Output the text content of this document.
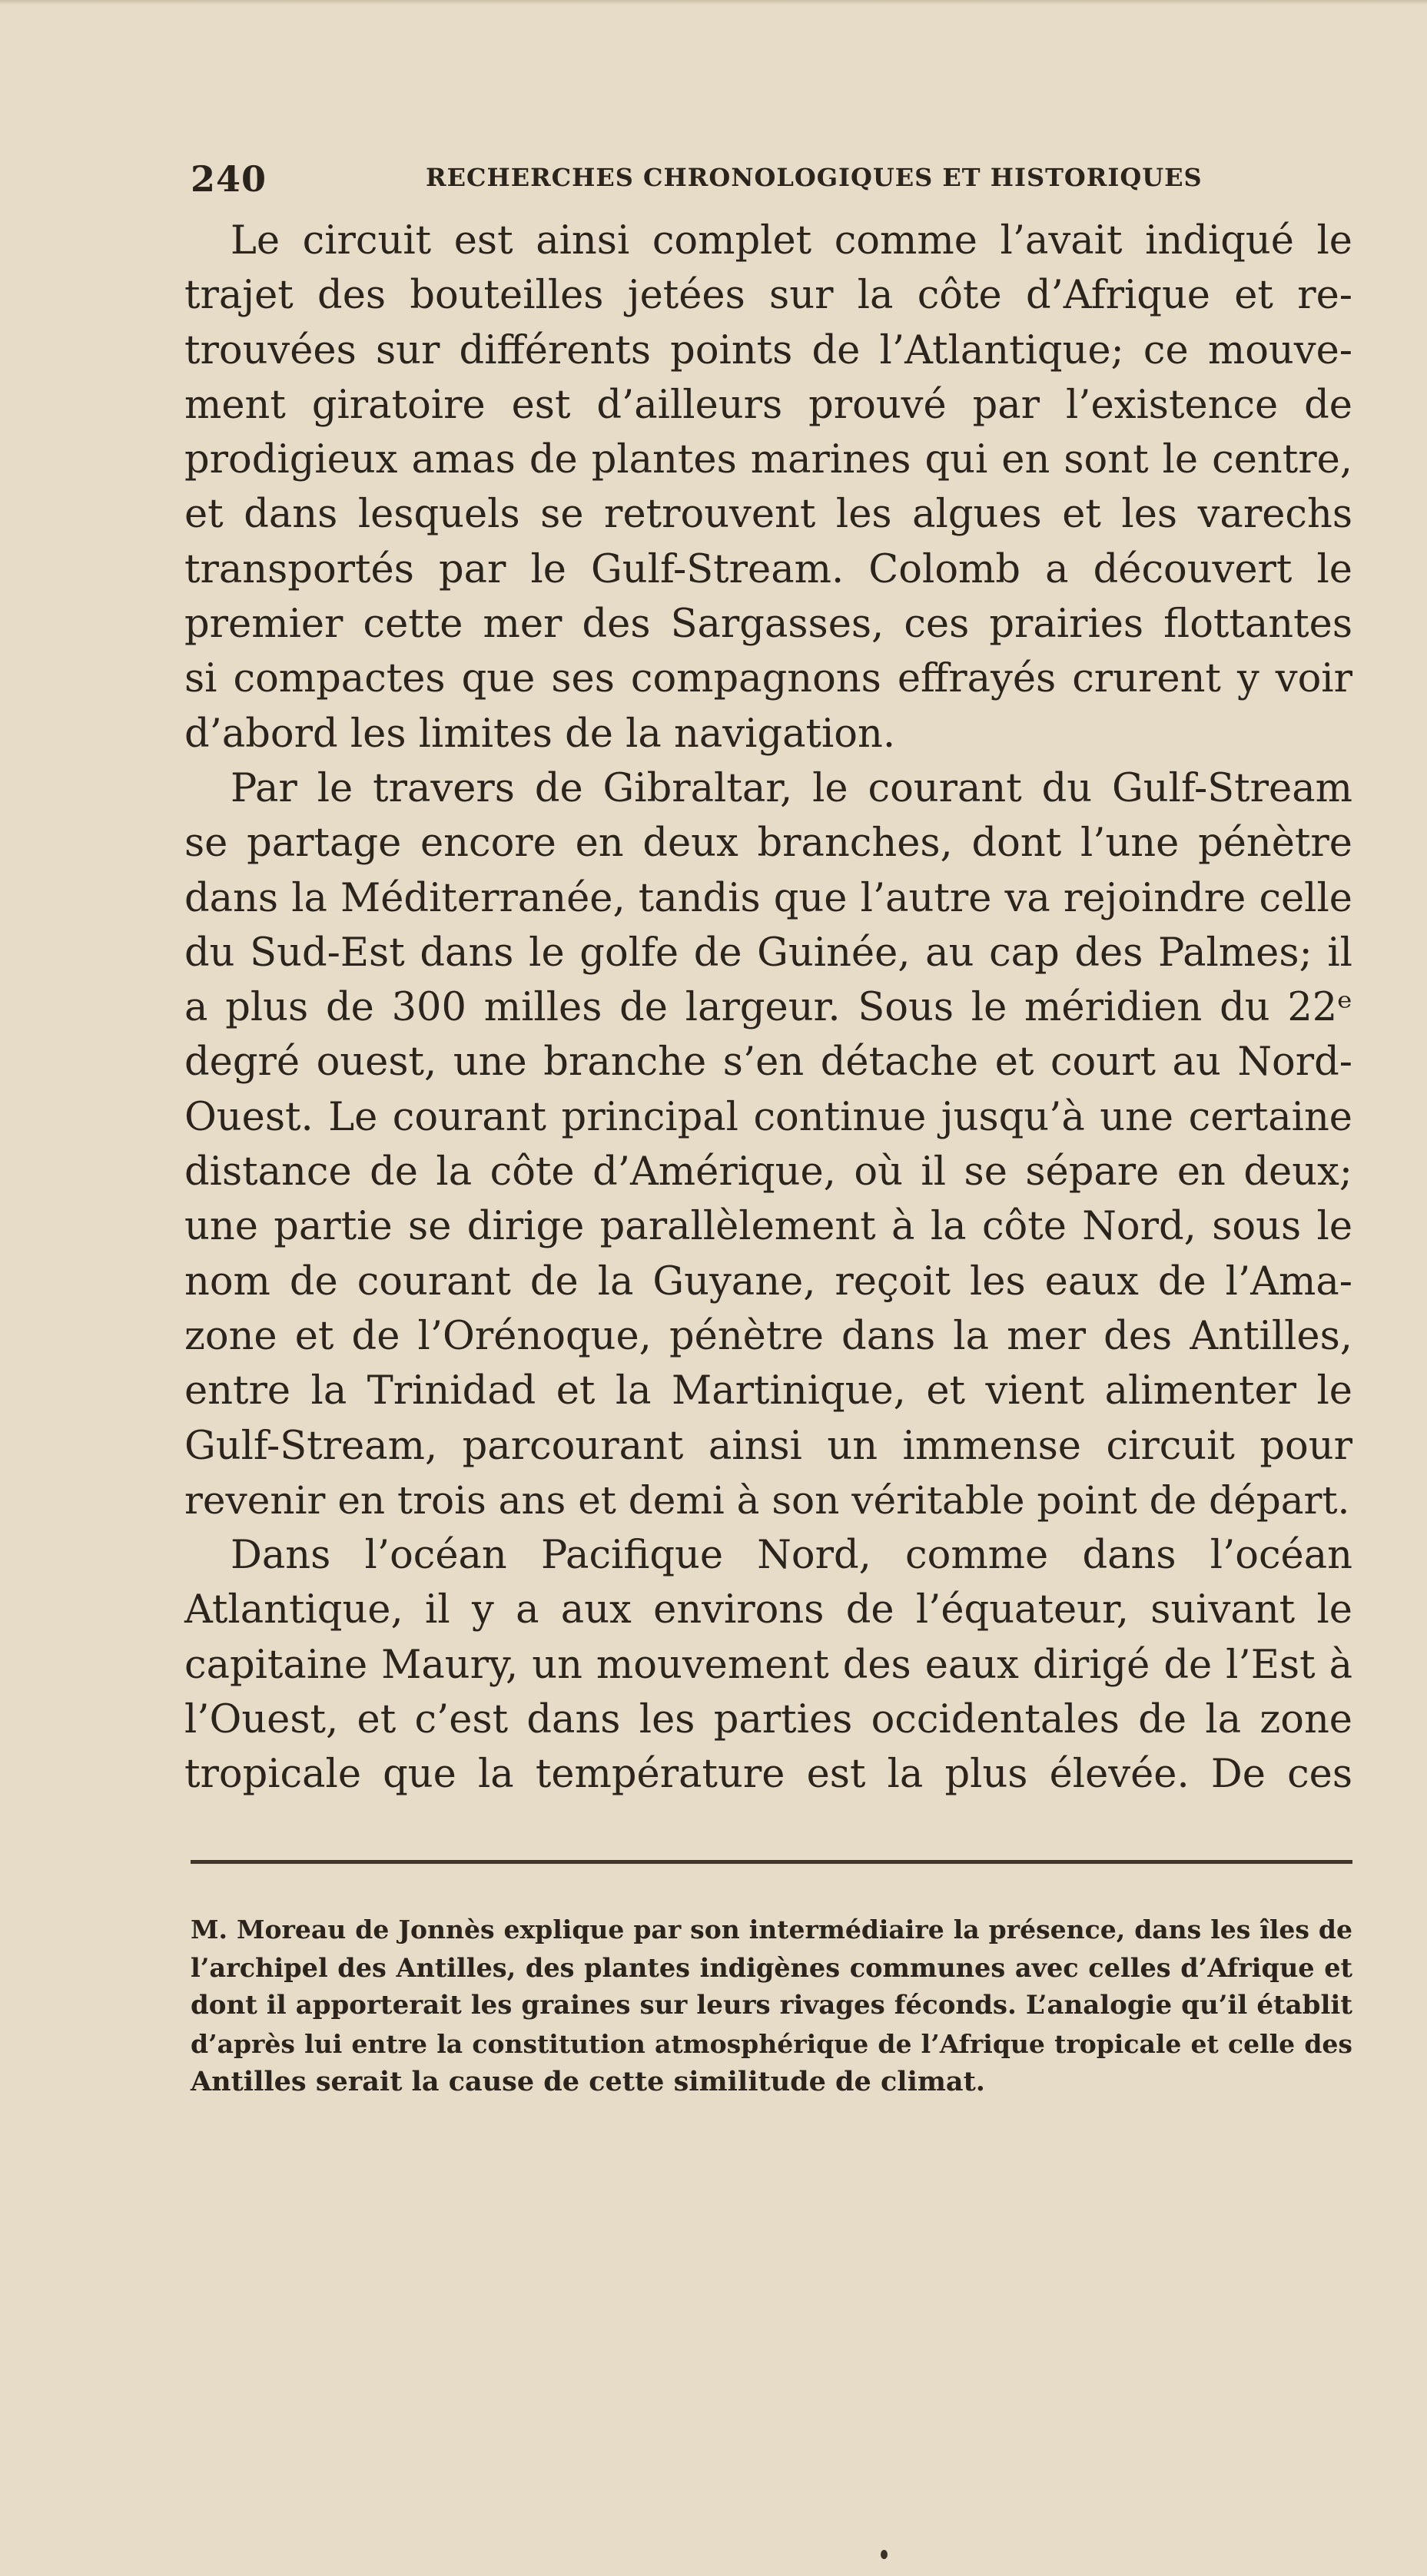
240	RECHERCHES CHRONOLOGIQUES ET HISTORIQUES
Le circuit est ainsi complet comme l’avait indiqué le
trajet des bouteilles jetées sur la côte d’Afrique et re-
trouvées sur différents points de l’Atlantique; ce mouve-
ment giratoire est d’ailleurs prouvé par l’existence de
prodigieux amas de plantes marines qui en sont le centre,
et dans lesquels se retrouvent les algues et les varechs
transportés par le Gulf-Stream. Colomb a découvert le
premier cette mer des Sargasses, ces prairies flottantes
si compactes que ses compagnons effrayés crurent y voir
d’abord les limites de la navigation.
Par le travers de Gibraltar, le courant du Gulf-Stream
se partage encore en deux branches, dont l’une pénètre
dans la Méditerranée, tandis que l’autre va rejoindre celle
du Sud-Est dans le golfe de Guinée, au cap des Palmes; il
a plus de 300 milles de largeur. Sous le méridien du 22ᵉ
degré ouest, une branche s’en détache et court au Nord-
Ouest. Le courant principal continue jusqu’à une certaine
distance de la côte d’Amérique, où il se sépare en deux;
une partie se dirige parallèlement à la côte Nord, sous le
nom de courant de la Guyane, reçoit les eaux de l’Ama-
zone et de l’Orénoque, pénètre dans la mer des Antilles,
entre la Trinidad et la Martinique, et vient alimenter le
Gulf-Stream, parcourant ainsi un immense circuit pour
revenir en trois ans et demi à son véritable point de départ.
Dans l’océan Pacifique Nord, comme dans l’océan
Atlantique, il y a aux environs de l’équateur, suivant le
capitaine Maury, un mouvement des eaux dirigé de l’Est à
l’Ouest, et c’est dans les parties occidentales de la zone
tropicale que la température est la plus élevée. De ces
M. Moreau de Jonnès explique par son intermédiaire la présence, dans les îles de
l’archipel des Antilles, des plantes indigènes communes avec celles d’Afrique et
dont il apporterait les graines sur leurs rivages féconds. L’analogie qu’il établit
d’après lui entre la constitution atmosphérique de l’Afrique tropicale et celle des
Antilles serait la cause de cette similitude de climat.
